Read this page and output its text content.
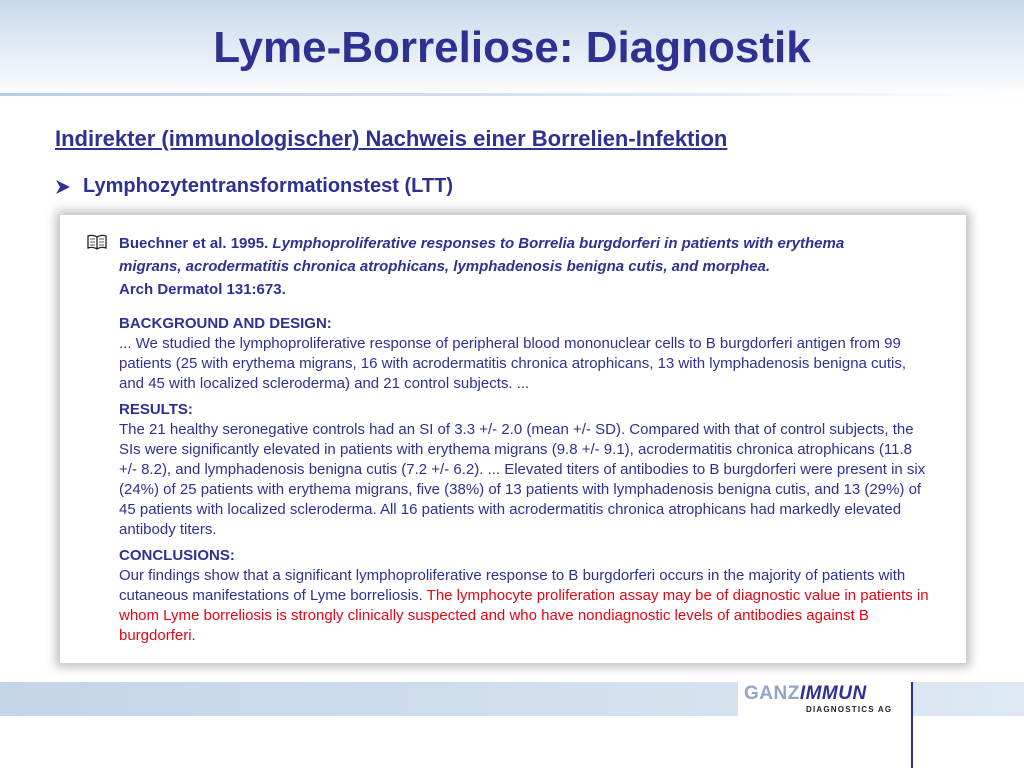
Lyme-Borreliose: Diagnostik
Indirekter (immunologischer) Nachweis einer Borrelien-Infektion
Lymphozytentransformationstest (LTT)
Buechner et al. 1995. Lymphoproliferative responses to Borrelia burgdorferi in patients with erythema
migrans, acrodermatitis chronica atrophicans, lymphadenosis benigna cutis, and morphea.
Arch Dermatol 131:673.
BACKGROUND AND DESIGN:
... We studied the lymphoproliferative response of peripheral blood mononuclear cells to B burgdorferi antigen from 99 patients (25 with erythema migrans, 16 with acrodermatitis chronica atrophicans, 13 with lymphadenosis benigna cutis, and 45 with localized scleroderma) and 21 control subjects. ...
RESULTS:
The 21 healthy seronegative controls had an SI of 3.3 +/- 2.0 (mean +/- SD). Compared with that of control subjects, the SIs were significantly elevated in patients with erythema migrans (9.8 +/- 9.1), acrodermatitis chronica atrophicans (11.8 +/- 8.2), and lymphadenosis benigna cutis (7.2 +/- 6.2). ... Elevated titers of antibodies to B burgdorferi were present in six (24%) of 25 patients with erythema migrans, five (38%) of 13 patients with lymphadenosis benigna cutis, and 13 (29%) of 45 patients with localized scleroderma. All 16 patients with acrodermatitis chronica atrophicans had markedly elevated antibody titers.
CONCLUSIONS:
Our findings show that a significant lymphoproliferative response to B burgdorferi occurs in the majority of patients with cutaneous manifestations of Lyme borreliosis. The lymphocyte proliferation assay may be of diagnostic value in patients in whom Lyme borreliosis is strongly clinically suspected and who have nondiagnostic levels of antibodies against B burgdorferi.
GANZIMMUN
DIAGNOSTICS AG
